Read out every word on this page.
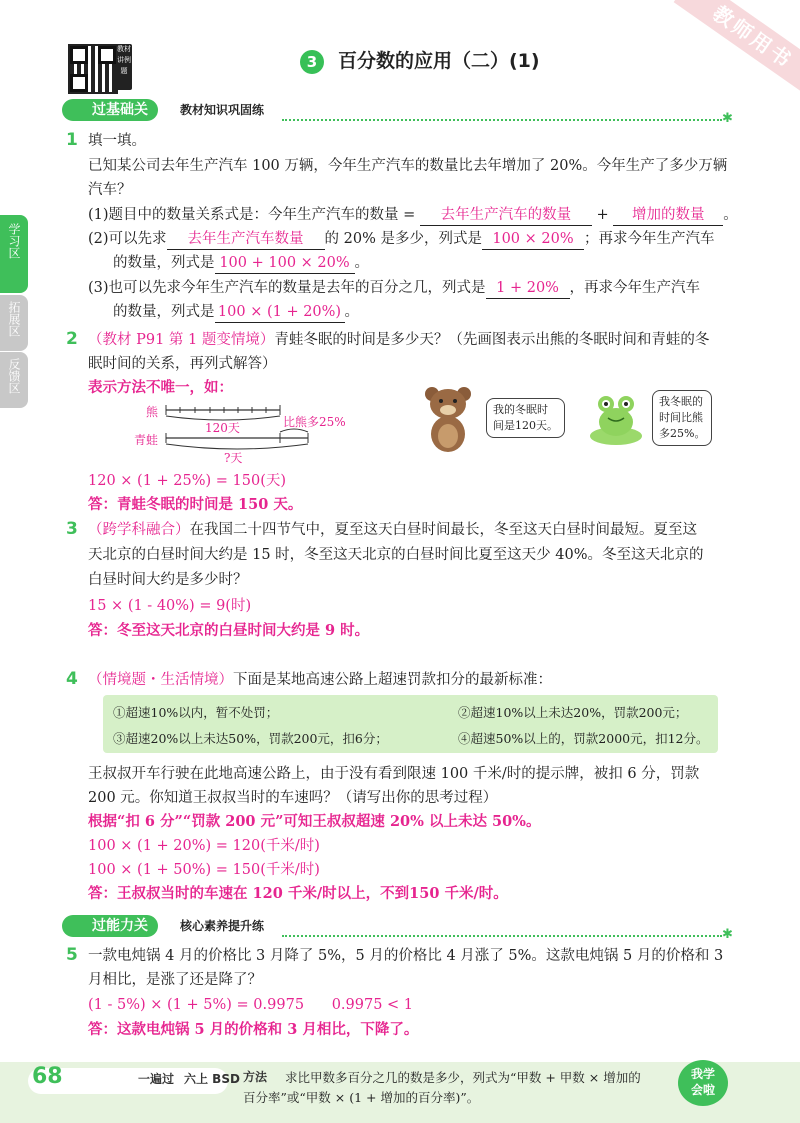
教师用书
教材讲例题
3 百分数的应用（二）(1)
过基础关	教材知识巩固练
✱
学习区
拓展区
反馈区
1 填一填。
已知某公司去年生产汽车 100 万辆，今年生产汽车的数量比去年增加了 20%。今年生产了多少万辆
汽车？
(1)题目中的数量关系式是：今年生产汽车的数量 = 去年生产汽车的数量 + 增加的数量 。
(2)可以先求 去年生产汽车数量 的 20% 是多少，列式是 100 × 20% ；再求今年生产汽车
的数量，列式是 100 + 100 × 20% 。
(3)也可以先求今年生产汽车的数量是去年的百分之几，列式是 1 + 20% ，再求今年生产汽车
的数量，列式是 100 × (1 + 20%) 。
2 （教材 P91 第 1 题变情境）青蛙冬眠的时间是多少天？（先画图表示出熊的冬眠时间和青蛙的冬
眠时间的关系，再列式解答）
表示方法不唯一，如：
熊
青蛙
120天	比熊多25%
?天
我的冬眠时
间是120天。
我冬眠的
时间比熊
多25%。
120 × (1 + 25%) = 150(天)
答：青蛙冬眠的时间是 150 天。
3 （跨学科融合）在我国二十四节气中，夏至这天白昼时间最长，冬至这天白昼时间最短。夏至这
天北京的白昼时间大约是 15 时，冬至这天北京的白昼时间比夏至这天少 40%。冬至这天北京的
白昼时间大约是多少时？
15 × (1 - 40%) = 9(时)
答：冬至这天北京的白昼时间大约是 9 时。
4 （情境题・生活情境）下面是某地高速公路上超速罚款扣分的最新标准：
①超速10%以内，暂不处罚；	②超速10%以上未达20%，罚款200元；
③超速20%以上未达50%，罚款200元，扣6分；	④超速50%以上的，罚款2000元，扣12分。
王叔叔开车行驶在此地高速公路上，由于没有看到限速 100 千米/时的提示牌，被扣 6 分，罚款
200 元。你知道王叔叔当时的车速吗？（请写出你的思考过程）
根据“扣 6 分”“罚款 200 元”可知王叔叔超速 20% 以上未达 50%。
100 × (1 + 20%) = 120(千米/时)
100 × (1 + 50%) = 150(千米/时)
答：王叔叔当时的车速在 120 千米/时以上，不到150 千米/时。
过能力关	核心素养提升练
✱
5 一款电炖锅 4 月的价格比 3 月降了 5%，5 月的价格比 4 月涨了 5%。这款电炖锅 5 月的价格和 3
月相比，是涨了还是降了？
(1 - 5%) × (1 + 5%) = 0.9975      0.9975 < 1
答：这款电炖锅 5 月的价格和 3 月相比，下降了。
68	一遍过 六上 BSD 方法 求比甲数多百分之几的数是多少，列式为“甲数 + 甲数 × 增加的
百分率”或“甲数 × (1 + 增加的百分率)”。
我学会啦
